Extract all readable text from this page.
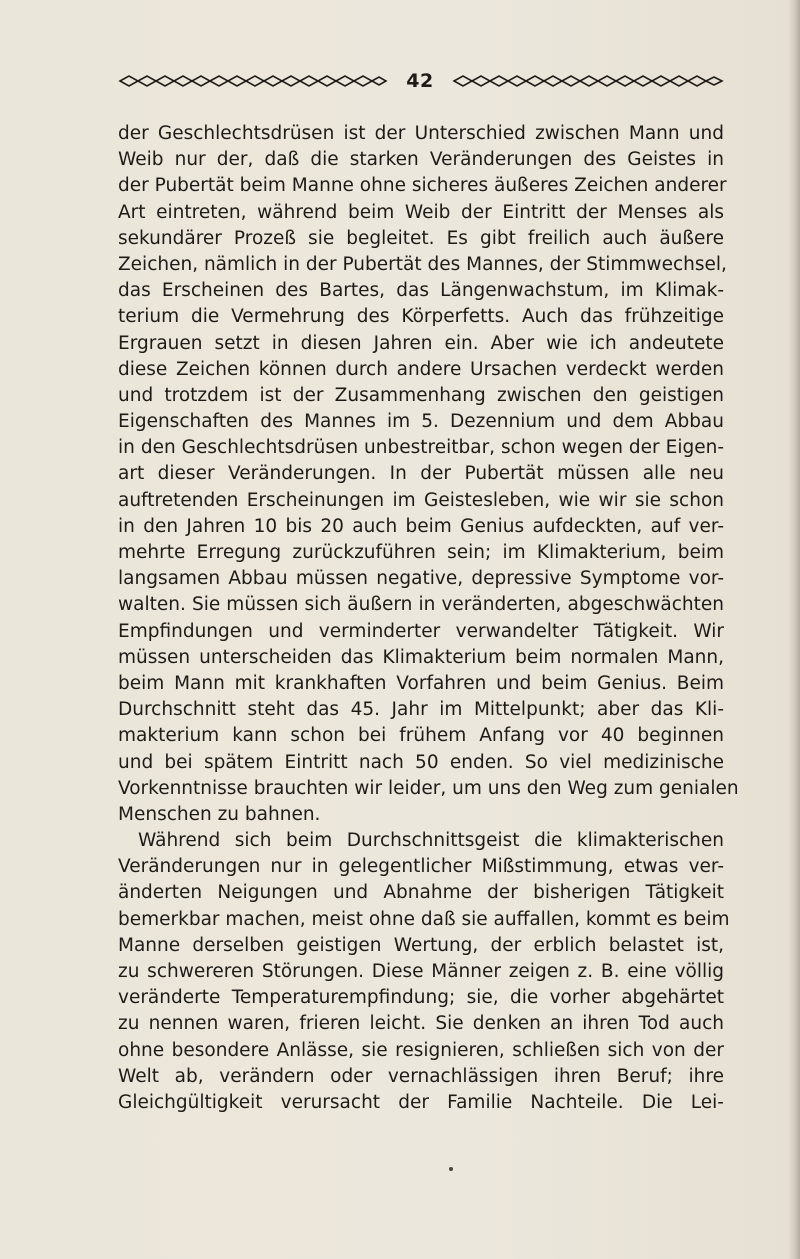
42
der Geschlechtsdrüsen ist der Unterschied zwischen Mann und
Weib nur der, daß die starken Veränderungen des Geistes in
der Pubertät beim Manne ohne sicheres äußeres Zeichen anderer
Art eintreten, während beim Weib der Eintritt der Menses als
sekundärer Prozeß sie begleitet. Es gibt freilich auch äußere
Zeichen, nämlich in der Pubertät des Mannes, der Stimmwechsel,
das Erscheinen des Bartes, das Längenwachstum, im Klimak-
terium die Vermehrung des Körperfetts. Auch das frühzeitige
Ergrauen setzt in diesen Jahren ein. Aber wie ich andeutete
diese Zeichen können durch andere Ursachen verdeckt werden
und trotzdem ist der Zusammenhang zwischen den geistigen
Eigenschaften des Mannes im 5. Dezennium und dem Abbau
in den Geschlechtsdrüsen unbestreitbar, schon wegen der Eigen-
art dieser Veränderungen. In der Pubertät müssen alle neu
auftretenden Erscheinungen im Geistesleben, wie wir sie schon
in den Jahren 10 bis 20 auch beim Genius aufdeckten, auf ver-
mehrte Erregung zurückzuführen sein; im Klimakterium, beim
langsamen Abbau müssen negative, depressive Symptome vor-
walten. Sie müssen sich äußern in veränderten, abgeschwächten
Empfindungen und verminderter verwandelter Tätigkeit. Wir
müssen unterscheiden das Klimakterium beim normalen Mann,
beim Mann mit krankhaften Vorfahren und beim Genius. Beim
Durchschnitt steht das 45. Jahr im Mittelpunkt; aber das Kli-
makterium kann schon bei frühem Anfang vor 40 beginnen
und bei spätem Eintritt nach 50 enden. So viel medizinische
Vorkenntnisse brauchten wir leider, um uns den Weg zum genialen
Menschen zu bahnen.
Während sich beim Durchschnittsgeist die klimakterischen
Veränderungen nur in gelegentlicher Mißstimmung, etwas ver-
änderten Neigungen und Abnahme der bisherigen Tätigkeit
bemerkbar machen, meist ohne daß sie auffallen, kommt es beim
Manne derselben geistigen Wertung, der erblich belastet ist,
zu schwereren Störungen. Diese Männer zeigen z. B. eine völlig
veränderte Temperaturempfindung; sie, die vorher abgehärtet
zu nennen waren, frieren leicht. Sie denken an ihren Tod auch
ohne besondere Anlässe, sie resignieren, schließen sich von der
Welt ab, verändern oder vernachlässigen ihren Beruf; ihre
Gleichgültigkeit verursacht der Familie Nachteile. Die Lei-
